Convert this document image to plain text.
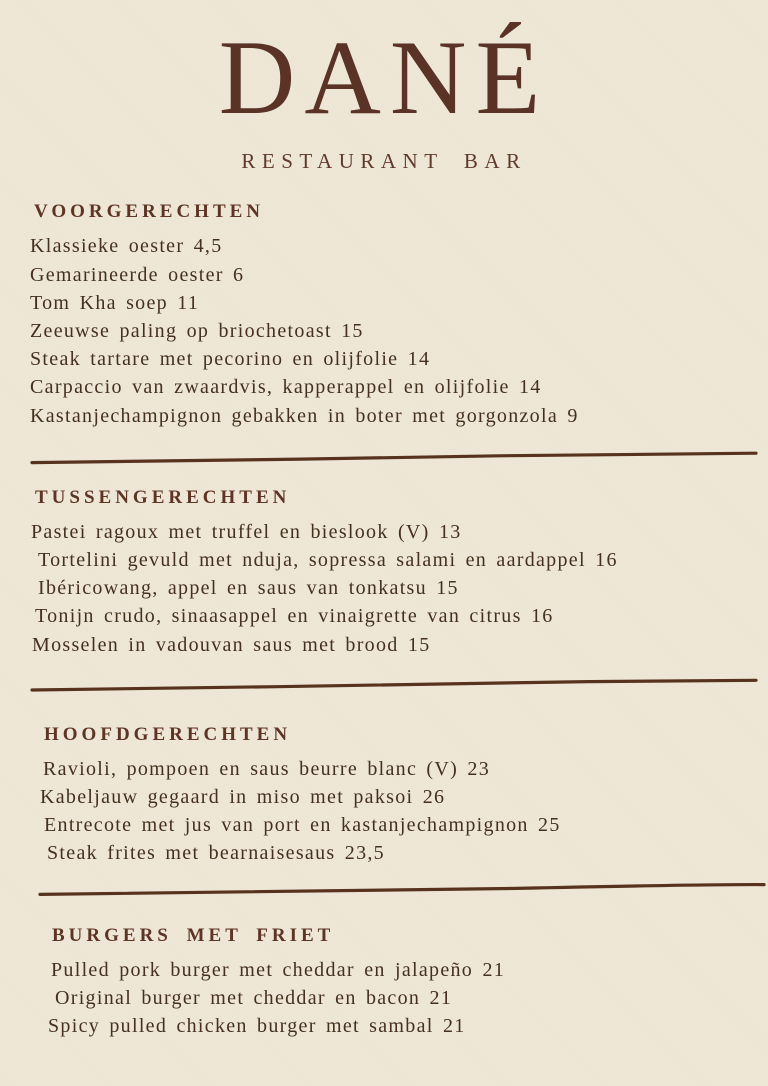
DANÉ
RESTAURANT BAR
VOORGERECHTEN
Klassieke oester 4,5
Gemarineerde oester 6
Tom Kha soep 11
Zeeuwse paling op briochetoast 15
Steak tartare met pecorino en olijfolie 14
Carpaccio van zwaardvis, kapperappel en olijfolie 14
Kastanjechampignon gebakken in boter met gorgonzola 9
TUSSENGERECHTEN
Pastei ragoux met truffel en bieslook (V) 13
Tortelini gevuld met nduja, sopressa salami en aardappel 16
Ibéricowang, appel en saus van tonkatsu 15
Tonijn crudo, sinaasappel en vinaigrette van citrus 16
Mosselen in vadouvan saus met brood 15
HOOFDGERECHTEN
Ravioli, pompoen en saus beurre blanc (V) 23
Kabeljauw gegaard in miso met paksoi 26
Entrecote met jus van port en kastanjechampignon 25
Steak frites met bearnaisesaus 23,5
BURGERS MET FRIET
Pulled pork burger met cheddar en jalapeño 21
Original burger met cheddar en bacon 21
Spicy pulled chicken burger met sambal 21
